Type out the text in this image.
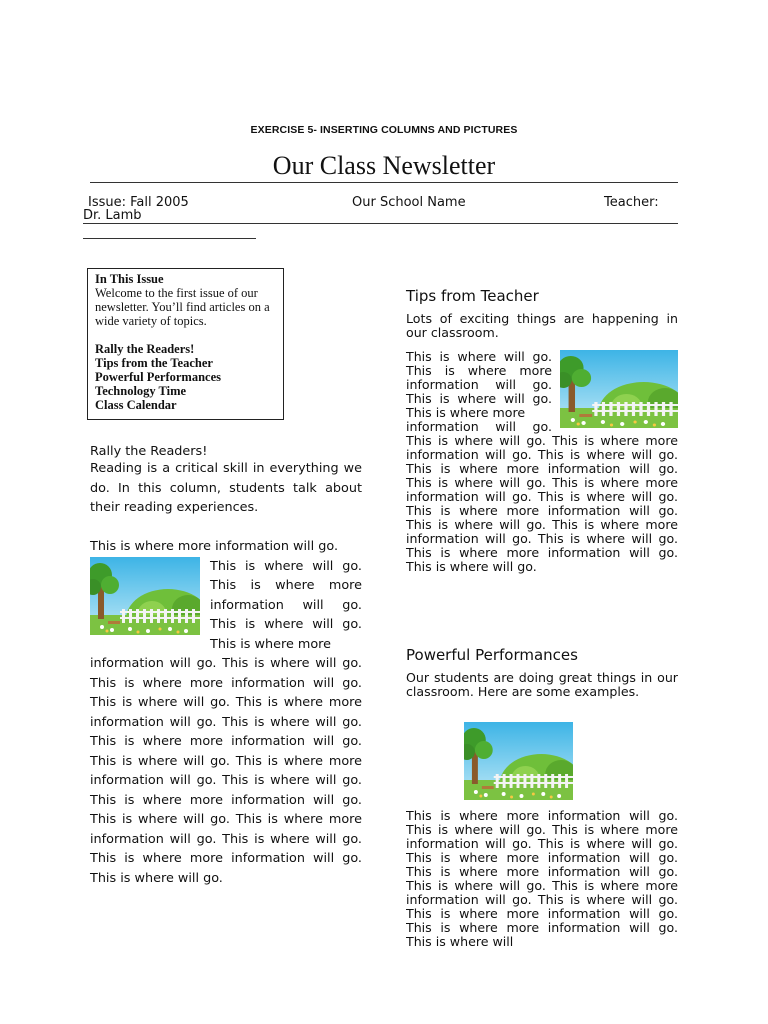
EXERCISE 5- INSERTING COLUMNS AND PICTURES
Our Class Newsletter
Issue: Fall 2005	Our School Name	Teacher:
Dr. Lamb
In This Issue

Welcome to the first issue of our newsletter. You’ll find articles on a wide variety of topics.

Rally the Readers!
Tips from the Teacher
Powerful Performances
Technology Time
Class Calendar

Rally the Readers!

Reading is a critical skill in everything we do. In this column, students talk about their reading experiences.

This is where more information will go.

This is where will go. This is where more information will go. This is where will go. This is where more

information will go. This is where will go. This is where more information will go. This is where will go. This is where more information will go. This is where will go. This is where more information will go. This is where will go. This is where more information will go. This is where will go. This is where more information will go. This is where will go. This is where more information will go. This is where will go. This is where more information will go. This is where will go.

Tips from Teacher

Lots of exciting things are happening in our classroom.

This is where will go. This is where more information will go. This is where will go. This is where more

information will go. This is where will go. This is where more information will go. This is where will go. This is where more information will go. This is where will go. This is where more information will go. This is where will go. This is where more information will go. This is where will go. This is where more information will go. This is where will go. This is where more information will go. This is where will go.

Powerful Performances

Our students are doing great things in our classroom. Here are some examples.

This is where more information will go. This is where will go. This is where more information will go. This is where will go. This is where more information will go. This is where more information will go. This is where will go. This is where more information will go. This is where will go. This is where more information will go. This is where more information will go. This is where will
